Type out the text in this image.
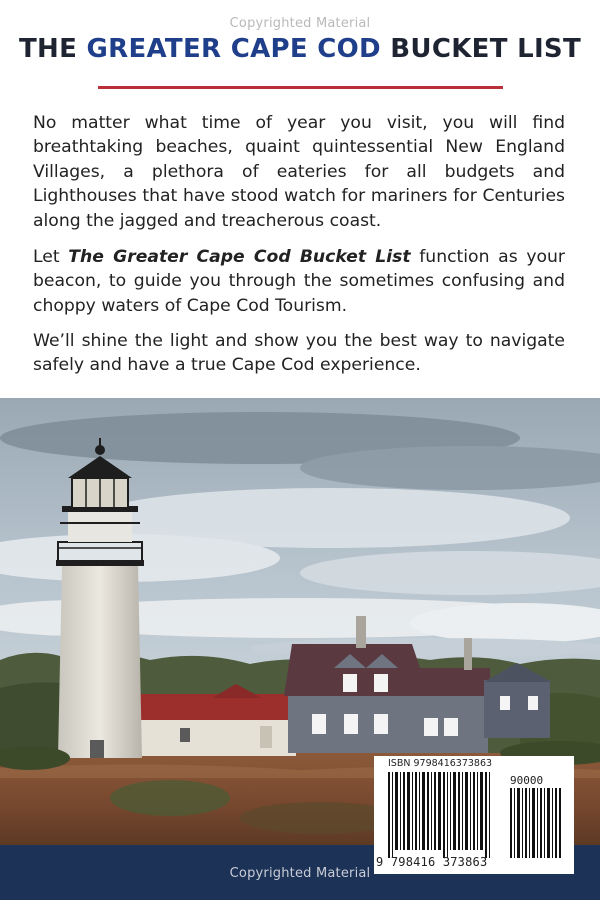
Copyrighted Material
THE GREATER CAPE COD BUCKET LIST
No matter what time of year you visit, you will find breathtaking beaches, quaint quintessential New England Villages, a plethora of eateries for all budgets and Lighthouses that have stood watch for mariners for Centuries along the jagged and treacherous coast.
Let The Greater Cape Cod Bucket List function as your beacon, to guide you through the sometimes confusing and choppy waters of Cape Cod Tourism.
We’ll shine the light and show you the best way to navigate safely and have a true Cape Cod experience.
ISBN 9798416373863
90000
9 798416 373863
Copyrighted Material
